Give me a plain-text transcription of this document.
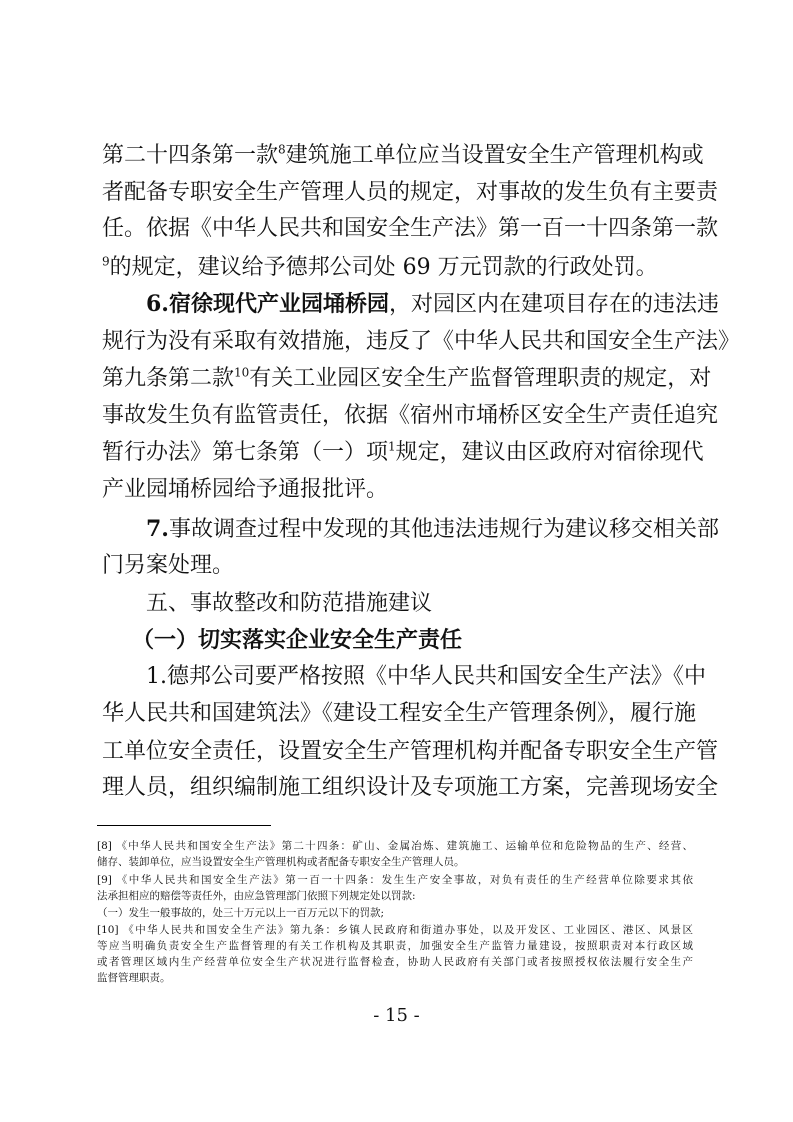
第二十四条第一款$^8$建筑施工单位应当设置安全生产管理机构或
者配备专职安全生产管理人员的规定，对事故的发生负有主要责
任。依据《中华人民共和国安全生产法》第一百一十四条第一款
$^9$的规定，建议给予德邦公司处 69 万元罚款的行政处罚。
6.宿徐现代产业园埇桥园，对园区内在建项目存在的违法违
规行为没有采取有效措施，违反了《中华人民共和国安全生产法》
第九条第二款$^{10}$有关工业园区安全生产监督管理职责的规定，对
事故发生负有监管责任，依据《宿州市埇桥区安全生产责任追究
暂行办法》第七条第（一）项$^1$规定，建议由区政府对宿徐现代
产业园埇桥园给予通报批评。
7.事故调查过程中发现的其他违法违规行为建议移交相关部
门另案处理。
五、事故整改和防范措施建议
（一）切实落实企业安全生产责任
1.德邦公司要严格按照《中华人民共和国安全生产法》《中
华人民共和国建筑法》《建设工程安全生产管理条例》，履行施
工单位安全责任，设置安全生产管理机构并配备专职安全生产管
理人员，组织编制施工组织设计及专项施工方案，完善现场安全
[8] 《中华人民共和国安全生产法》第二十四条：矿山、金属冶炼、建筑施工、运输单位和危险物品的生产、经营、
储存、装卸单位，应当设置安全生产管理机构或者配备专职安全生产管理人员。
[9] 《中华人民共和国安全生产法》第一百一十四条：发生生产安全事故，对负有责任的生产经营单位除要求其依
法承担相应的赔偿等责任外，由应急管理部门依照下列规定处以罚款:
（一）发生一般事故的，处三十万元以上一百万元以下的罚款;
[10] 《中华人民共和国安全生产法》第九条：乡镇人民政府和街道办事处，以及开发区、工业园区、港区、风景区
等应当明确负责安全生产监督管理的有关工作机构及其职责，加强安全生产监管力量建设，按照职责对本行政区域
或者管理区域内生产经营单位安全生产状况进行监督检查，协助人民政府有关部门或者按照授权依法履行安全生产
监督管理职责。
- 15 -
